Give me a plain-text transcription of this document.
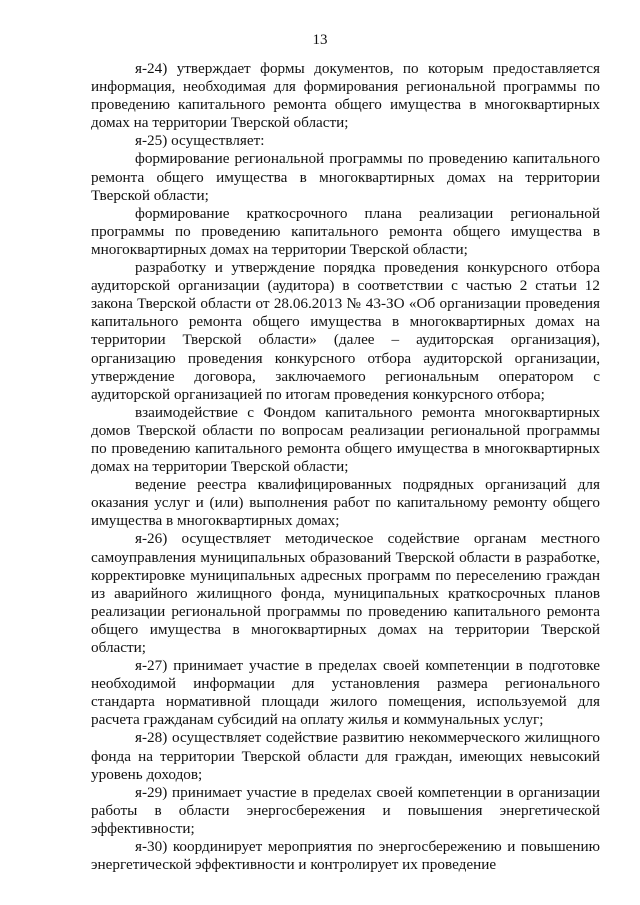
13

я-24) утверждает формы документов, по которым предоставляется информация, необходимая для формирования региональной программы по проведению капитального ремонта общего имущества в многоквартирных домах на территории Тверской области;

я-25) осуществляет:

формирование региональной программы по проведению капитального ремонта общего имущества в многоквартирных домах на территории Тверской области;

формирование краткосрочного плана реализации региональной программы по проведению капитального ремонта общего имущества в многоквартирных домах на территории Тверской области;

разработку и утверждение порядка проведения конкурсного отбора аудиторской организации (аудитора) в соответствии с частью 2 статьи 12 закона Тверской области от 28.06.2013 № 43-ЗО «Об организации проведения капитального ремонта общего имущества в многоквартирных домах на территории Тверской области» (далее – аудиторская организация), организацию проведения конкурсного отбора аудиторской организации, утверждение договора, заключаемого региональным оператором с аудиторской организацией по итогам проведения конкурсного отбора;

взаимодействие с Фондом капитального ремонта многоквартирных домов Тверской области по вопросам реализации региональной программы по проведению капитального ремонта общего имущества в многоквартирных домах на территории Тверской области;

ведение реестра квалифицированных подрядных организаций для оказания услуг и (или) выполнения работ по капитальному ремонту общего имущества в многоквартирных домах;

я-26) осуществляет методическое содействие органам местного самоуправления муниципальных образований Тверской области в разработке, корректировке муниципальных адресных программ по переселению граждан из аварийного жилищного фонда, муниципальных краткосрочных планов реализации региональной программы по проведению капитального ремонта общего имущества в многоквартирных домах на территории Тверской области;

я-27) принимает участие в пределах своей компетенции в подготовке необходимой информации для установления размера регионального стандарта нормативной площади жилого помещения, используемой для расчета гражданам субсидий на оплату жилья и коммунальных услуг;

я-28) осуществляет содействие развитию некоммерческого жилищного фонда на территории Тверской области для граждан, имеющих невысокий уровень доходов;

я-29) принимает участие в пределах своей компетенции в организации работы в области энергосбережения и повышения энергетической эффективности;

я-30) координирует мероприятия по энергосбережению и повышению энергетической эффективности и контролирует их проведение
